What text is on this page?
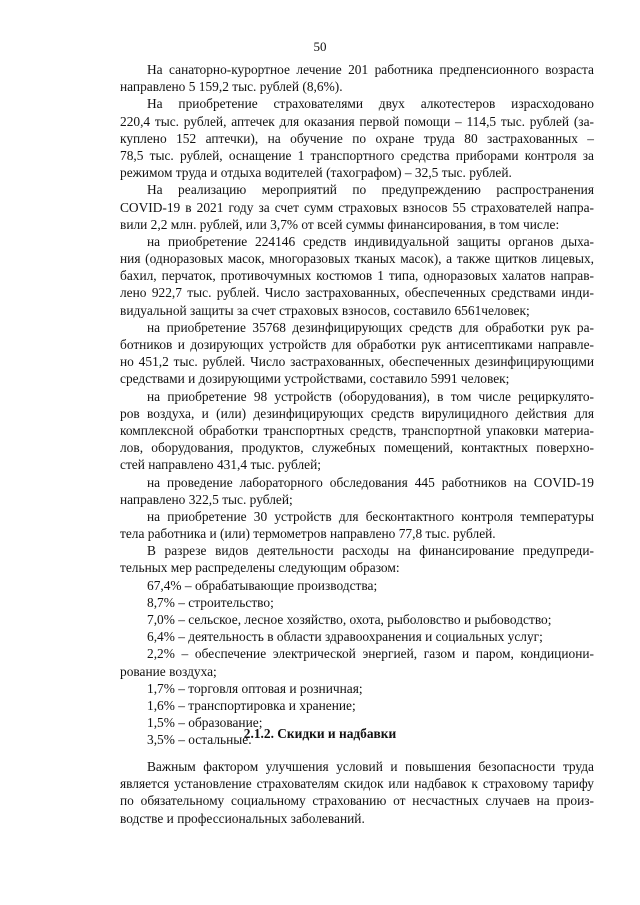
50
На санаторно-курортное лечение 201 работника предпенсионного возраста
направлено 5 159,2 тыс. рублей (8,6%).
На приобретение страхователями двух алкотестеров израсходовано
220,4 тыс. рублей, аптечек для оказания первой помощи – 114,5 тыс. рублей (за-
куплено 152 аптечки), на обучение по охране труда 80 застрахованных –
78,5 тыс. рублей, оснащение 1 транспортного средства приборами контроля за
режимом труда и отдыха водителей (тахографом) – 32,5 тыс. рублей.
На реализацию мероприятий по предупреждению распространения
COVID-19 в 2021 году за счет сумм страховых взносов 55 страхователей напра-
вили 2,2 млн. рублей, или 3,7% от всей суммы финансирования, в том числе:
на приобретение 224146 средств индивидуальной защиты органов дыха-
ния (одноразовых масок, многоразовых тканых масок), а также щитков лицевых,
бахил, перчаток, противочумных костюмов 1 типа, одноразовых халатов направ-
лено 922,7 тыс. рублей. Число застрахованных, обеспеченных средствами инди-
видуальной защиты за счет страховых взносов, составило 6561человек;
на приобретение 35768 дезинфицирующих средств для обработки рук ра-
ботников и дозирующих устройств для обработки рук антисептиками направле-
но 451,2 тыс. рублей. Число застрахованных, обеспеченных дезинфицирующими
средствами и дозирующими устройствами, составило 5991 человек;
на приобретение 98 устройств (оборудования), в том числе рециркулято-
ров воздуха, и (или) дезинфицирующих средств вирулицидного действия для
комплексной обработки транспортных средств, транспортной упаковки материа-
лов, оборудования, продуктов, служебных помещений, контактных поверхно-
стей направлено 431,4 тыс. рублей;
на проведение лабораторного обследования 445 работников на COVID-19
направлено 322,5 тыс. рублей;
на приобретение 30 устройств для бесконтактного контроля температуры
тела работника и (или) термометров направлено 77,8 тыс. рублей.
В разрезе видов деятельности расходы на финансирование предупреди-
тельных мер распределены следующим образом:
67,4% – обрабатывающие производства;
8,7% – строительство;
7,0% – сельское, лесное хозяйство, охота, рыболовство и рыбоводство;
6,4% – деятельность в области здравоохранения и социальных услуг;
2,2% – обеспечение электрической энергией, газом и паром, кондициони-
рование воздуха;
1,7% – торговля оптовая и розничная;
1,6% – транспортировка и хранение;
1,5% – образование;
3,5% – остальные.
2.1.2. Скидки и надбавки
Важным фактором улучшения условий и повышения безопасности труда
является установление страхователям скидок или надбавок к страховому тарифу
по обязательному социальному страхованию от несчастных случаев на произ-
водстве и профессиональных заболеваний.
